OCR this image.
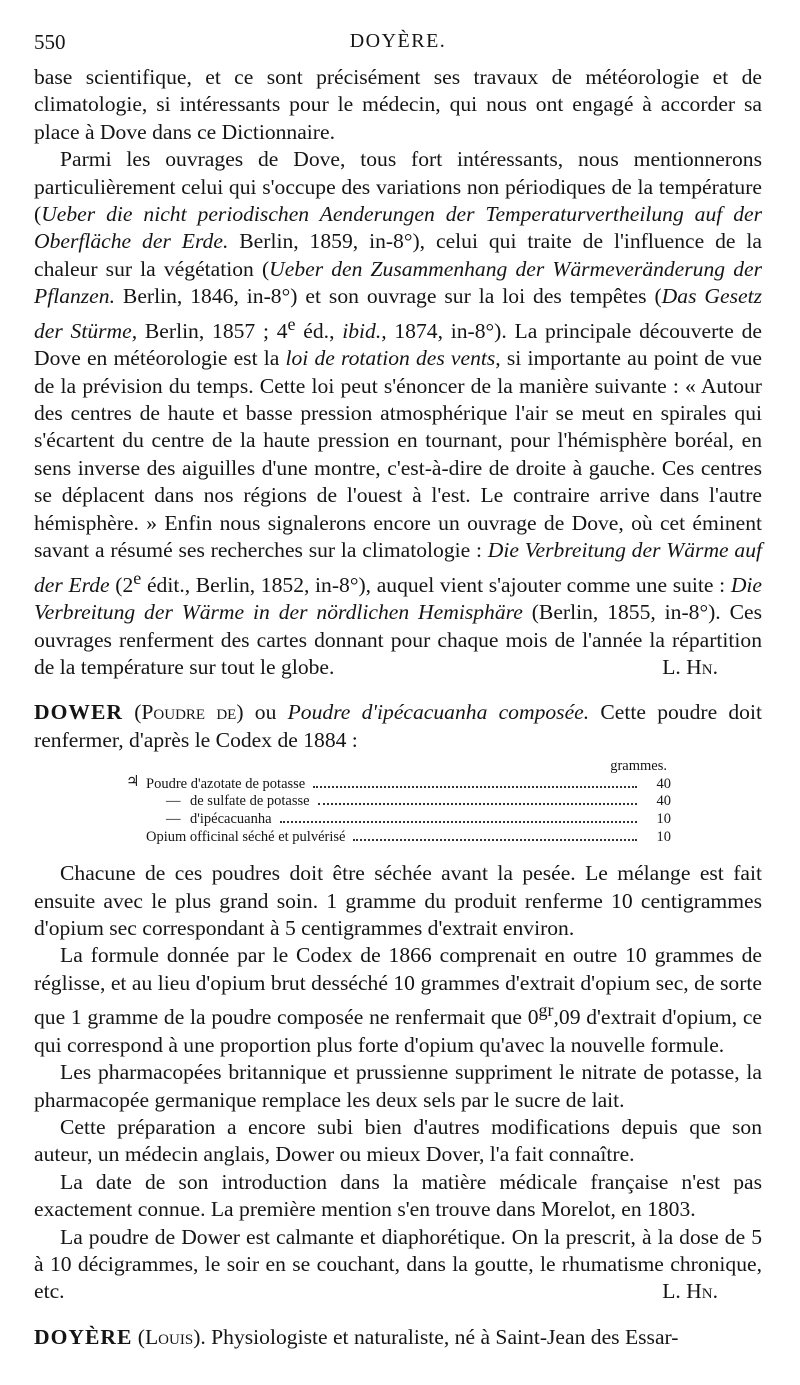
550	DOYÈRE.

base scientifique, et ce sont précisément ses travaux de météorologie et de climatologie, si intéressants pour le médecin, qui nous ont engagé à accorder sa place à Dove dans ce Dictionnaire.

Parmi les ouvrages de Dove, tous fort intéressants, nous mentionnerons particulièrement celui qui s'occupe des variations non périodiques de la température (Ueber die nicht periodischen Aenderungen der Temperaturvertheilung auf der Oberfläche der Erde. Berlin, 1859, in-8°), celui qui traite de l'influence de la chaleur sur la végétation (Ueber den Zusammenhang der Wärmeveränderung der Pflanzen. Berlin, 1846, in-8°) et son ouvrage sur la loi des tempêtes (Das Gesetz der Stürme, Berlin, 1857 ; 4e éd., ibid., 1874, in-8°). La principale découverte de Dove en météorologie est la loi de rotation des vents, si importante au point de vue de la prévision du temps. Cette loi peut s'énoncer de la manière suivante : « Autour des centres de haute et basse pression atmosphérique l'air se meut en spirales qui s'écartent du centre de la haute pression en tournant, pour l'hémisphère boréal, en sens inverse des aiguilles d'une montre, c'est-à-dire de droite à gauche. Ces centres se déplacent dans nos régions de l'ouest à l'est. Le contraire arrive dans l'autre hémisphère. » Enfin nous signalerons encore un ouvrage de Dove, où cet éminent savant a résumé ses recherches sur la climatologie : Die Verbreitung der Wärme auf der Erde (2e édit., Berlin, 1852, in-8°), auquel vient s'ajouter comme une suite : Die Verbreitung der Wärme in der nördlichen Hemisphäre (Berlin, 1855, in-8°). Ces ouvrages renferment des cartes donnant pour chaque mois de l'année la répartition de la température sur tout le globe.	L. Hn.

DOWER (Poudre de) ou Poudre d'ipécacuanha composée. Cette poudre doit renfermer, d'après le Codex de 1884 :

grammes.
♃ Poudre d'azotate de potasse	40
— de sulfate de potasse	40
— d'ipécacuanha	10
Opium officinal séché et pulvérisé	10

Chacune de ces poudres doit être séchée avant la pesée. Le mélange est fait ensuite avec le plus grand soin. 1 gramme du produit renferme 10 centigrammes d'opium sec correspondant à 5 centigrammes d'extrait environ.

La formule donnée par le Codex de 1866 comprenait en outre 10 grammes de réglisse, et au lieu d'opium brut desséché 10 grammes d'extrait d'opium sec, de sorte que 1 gramme de la poudre composée ne renfermait que $0^{gr},09$ d'extrait d'opium, ce qui correspond à une proportion plus forte d'opium qu'avec la nouvelle formule.

Les pharmacopées britannique et prussienne suppriment le nitrate de potasse, la pharmacopée germanique remplace les deux sels par le sucre de lait.

Cette préparation a encore subi bien d'autres modifications depuis que son auteur, un médecin anglais, Dower ou mieux Dover, l'a fait connaître.

La date de son introduction dans la matière médicale française n'est pas exactement connue. La première mention s'en trouve dans Morelot, en 1803.

La poudre de Dower est calmante et diaphorétique. On la prescrit, à la dose de 5 à 10 décigrammes, le soir en se couchant, dans la goutte, le rhumatisme chronique, etc.	L. Hn.

DOYÈRE (Louis). Physiologiste et naturaliste, né à Saint-Jean des Essar-
